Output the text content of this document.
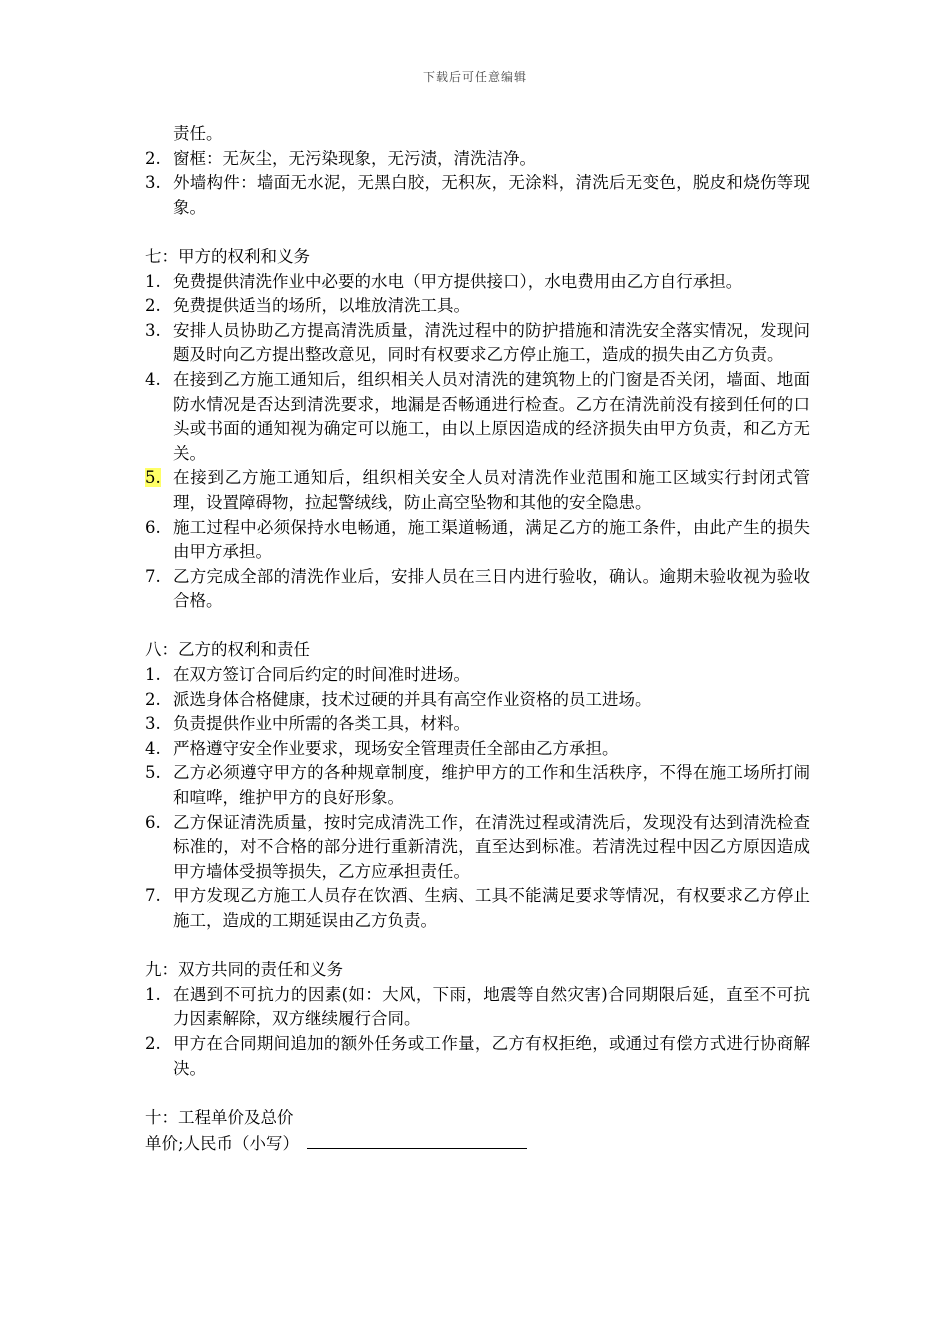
下载后可任意编辑
责任。
2. 窗框：无灰尘，无污染现象，无污渍，清洗洁净。
3. 外墙构件：墙面无水泥，无黑白胶，无积灰，无涂料，清洗后无变色，脱皮和烧伤等现象。
七：甲方的权利和义务
1. 免费提供清洗作业中必要的水电（甲方提供接口），水电费用由乙方自行承担。
2. 免费提供适当的场所，以堆放清洗工具。
3. 安排人员协助乙方提高清洗质量，清洗过程中的防护措施和清洗安全落实情况，发现问题及时向乙方提出整改意见，同时有权要求乙方停止施工，造成的损失由乙方负责。
4. 在接到乙方施工通知后，组织相关人员对清洗的建筑物上的门窗是否关闭，墙面、地面防水情况是否达到清洗要求，地漏是否畅通进行检查。乙方在清洗前没有接到任何的口头或书面的通知视为确定可以施工，由以上原因造成的经济损失由甲方负责，和乙方无关。
5. 在接到乙方施工通知后，组织相关安全人员对清洗作业范围和施工区域实行封闭式管理，设置障碍物，拉起警绒线，防止高空坠物和其他的安全隐患。
6. 施工过程中必须保持水电畅通，施工渠道畅通，满足乙方的施工条件，由此产生的损失由甲方承担。
7. 乙方完成全部的清洗作业后，安排人员在三日内进行验收，确认。逾期未验收视为验收合格。
八：乙方的权利和责任
1. 在双方签订合同后约定的时间准时进场。
2. 派选身体合格健康，技术过硬的并具有高空作业资格的员工进场。
3. 负责提供作业中所需的各类工具，材料。
4. 严格遵守安全作业要求，现场安全管理责任全部由乙方承担。
5. 乙方必须遵守甲方的各种规章制度，维护甲方的工作和生活秩序，不得在施工场所打闹和喧哗，维护甲方的良好形象。
6. 乙方保证清洗质量，按时完成清洗工作，在清洗过程或清洗后，发现没有达到清洗检查标准的，对不合格的部分进行重新清洗，直至达到标准。若清洗过程中因乙方原因造成甲方墙体受损等损失，乙方应承担责任。
7. 甲方发现乙方施工人员存在饮酒、生病、工具不能满足要求等情况，有权要求乙方停止施工，造成的工期延误由乙方负责。
九：双方共同的责任和义务
1. 在遇到不可抗力的因素(如：大风，下雨，地震等自然灾害)合同期限后延，直至不可抗力因素解除，双方继续履行合同。
2. 甲方在合同期间追加的额外任务或工作量，乙方有权拒绝，或通过有偿方式进行协商解决。
十：工程单价及总价
单价;人民币（小写）
